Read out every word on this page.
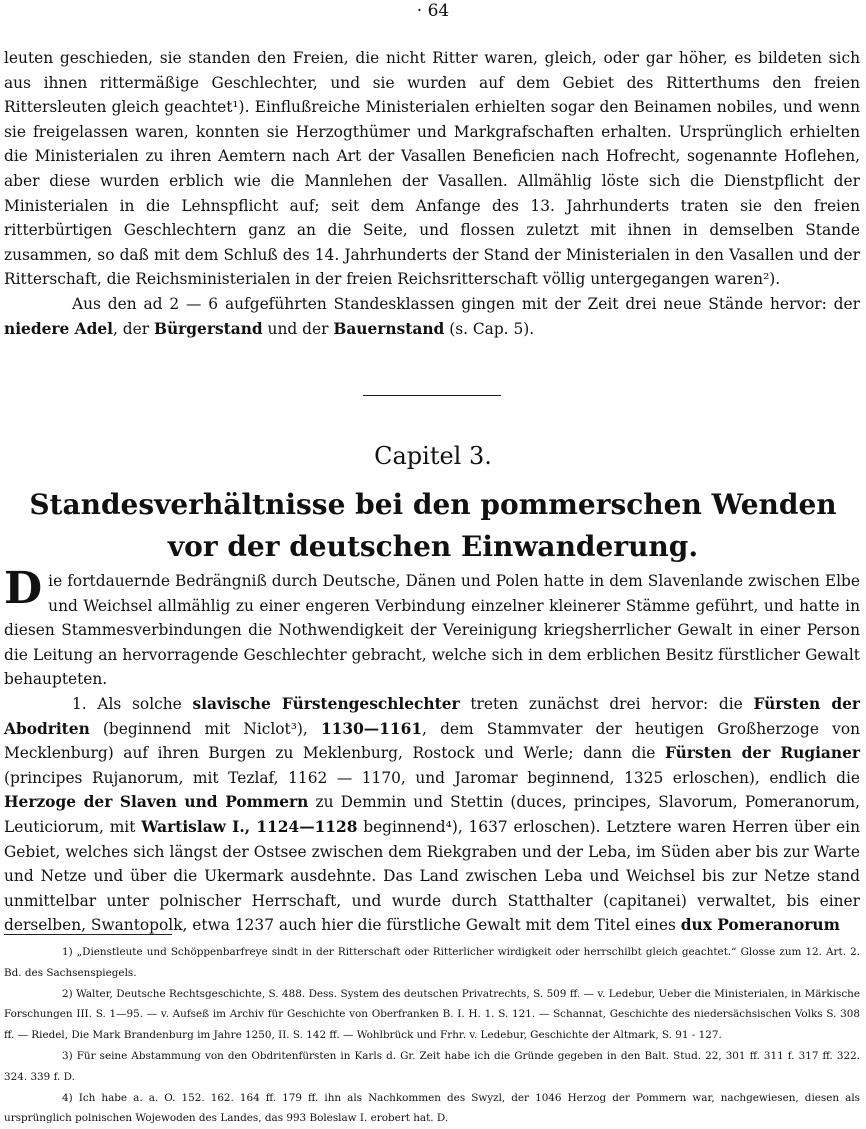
· 64

leuten geschieden, sie standen den Freien, die nicht Ritter waren, gleich, oder gar höher, es bildeten sich aus ihnen rittermäßige Geschlechter, und sie wurden auf dem Gebiet des Ritterthums den freien Rittersleuten gleich geachtet¹). Einflußreiche Ministerialen erhielten sogar den Beinamen nobiles, und wenn sie freigelassen waren, konnten sie Herzogthümer und Markgrafschaften erhalten. Ursprünglich erhielten die Ministerialen zu ihren Aemtern nach Art der Vasallen Beneficien nach Hofrecht, sogenannte Hoflehen, aber diese wurden erblich wie die Mannlehen der Vasallen. Allmählig löste sich die Dienstpflicht der Ministerialen in die Lehnspflicht auf; seit dem Anfange des 13. Jahrhunderts traten sie den freien ritterbürtigen Geschlechtern ganz an die Seite, und flossen zuletzt mit ihnen in demselben Stande zusammen, so daß mit dem Schluß des 14. Jahrhunderts der Stand der Ministerialen in den Vasallen und der Ritterschaft, die Reichsministerialen in der freien Reichsritterschaft völlig untergegangen waren²).

Aus den ad 2 — 6 aufgeführten Standesklassen gingen mit der Zeit drei neue Stände hervor: der niedere Adel, der Bürgerstand und der Bauernstand (s. Cap. 5).

Capitel 3.
Standesverhältnisse bei den pommerschen Wenden vor der deutschen Einwanderung.

Die fortdauernde Bedrängniß durch Deutsche, Dänen und Polen hatte in dem Slavenlande zwischen Elbe und Weichsel allmählig zu einer engeren Verbindung einzelner kleinerer Stämme geführt, und hatte in diesen Stammesverbindungen die Nothwendigkeit der Vereinigung kriegsherrlicher Gewalt in einer Person die Leitung an hervorragende Geschlechter gebracht, welche sich in dem erblichen Besitz fürstlicher Gewalt behaupteten.

1. Als solche slavische Fürstengeschlechter treten zunächst drei hervor: die Fürsten der Abodriten (beginnend mit Niclot³), 1130—1161, dem Stammvater der heutigen Großherzoge von Mecklenburg) auf ihren Burgen zu Meklenburg, Rostock und Werle; dann die Fürsten der Rugianer (principes Rujanorum, mit Tezlaf, 1162 — 1170, und Jaromar beginnend, 1325 erloschen), endlich die Herzoge der Slaven und Pommern zu Demmin und Stettin (duces, principes, Slavorum, Pomeranorum, Leuticiorum, mit Wartislaw I., 1124—1128 beginnend⁴), 1637 erloschen). Letztere waren Herren über ein Gebiet, welches sich längst der Ostsee zwischen dem Riekgraben und der Leba, im Süden aber bis zur Warte und Netze und über die Ukermark ausdehnte. Das Land zwischen Leba und Weichsel bis zur Netze stand unmittelbar unter polnischer Herrschaft, und wurde durch Statthalter (capitanei) verwaltet, bis einer derselben, Swantopolk, etwa 1237 auch hier die fürstliche Gewalt mit dem Titel eines dux Pomeranorum

1) „Dienstleute und Schöppenbarfreye sindt in der Ritterschaft oder Ritterlicher wirdigkeit oder herrschilbt gleich geachtet.“ Glosse zum 12. Art. 2. Bd. des Sachsenspiegels.

2) Walter, Deutsche Rechtsgeschichte, S. 488. Dess. System des deutschen Privatrechts, S. 509 ff. — v. Ledebur, Ueber die Ministerialen, in Märkische Forschungen III. S. 1—95. — v. Aufseß im Archiv für Geschichte von Oberfranken B. I. H. 1. S. 121. — Schannat, Geschichte des niedersächsischen Volks S. 308 ff. — Riedel, Die Mark Brandenburg im Jahre 1250, II. S. 142 ff. — Wohlbrück und Frhr. v. Ledebur, Geschichte der Altmark, S. 91 - 127.

3) Für seine Abstammung von den Obdritenfürsten in Karls d. Gr. Zeit habe ich die Gründe gegeben in den Balt. Stud. 22, 301 ff. 311 f. 317 ff. 322. 324. 339 f. D.

4) Ich habe a. a. O. 152. 162. 164 ff. 179 ff. ihn als Nachkommen des Swyzl, der 1046 Herzog der Pommern war, nachgewiesen, diesen als ursprünglich polnischen Wojewoden des Landes, das 993 Boleslaw I. erobert hat. D.
